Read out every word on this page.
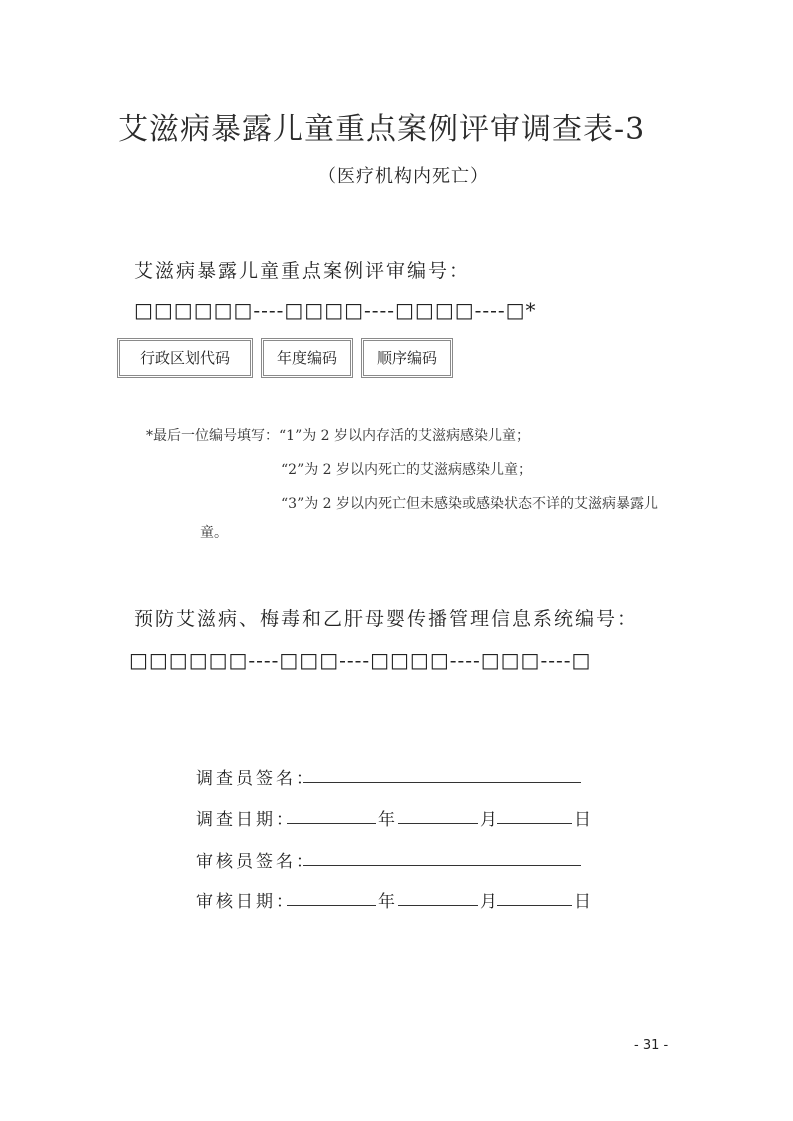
艾滋病暴露儿童重点案例评审调查表-3
（医疗机构内死亡）
艾滋病暴露儿童重点案例评审编号：
□□□□□□----□□□□----□□□□----□*
行政区划代码	年度编码	顺序编码
*最后一位编号填写：“1”为 2 岁以内存活的艾滋病感染儿童；
“2”为 2 岁以内死亡的艾滋病感染儿童；
“3”为 2 岁以内死亡但未感染或感染状态不详的艾滋病暴露儿
童。
预防艾滋病、梅毒和乙肝母婴传播管理信息系统编号：
□□□□□□----□□□----□□□□----□□□----□
调查员签名：
调查日期：	年	月	日
审核员签名：
审核日期：	年	月	日
- 31 -
